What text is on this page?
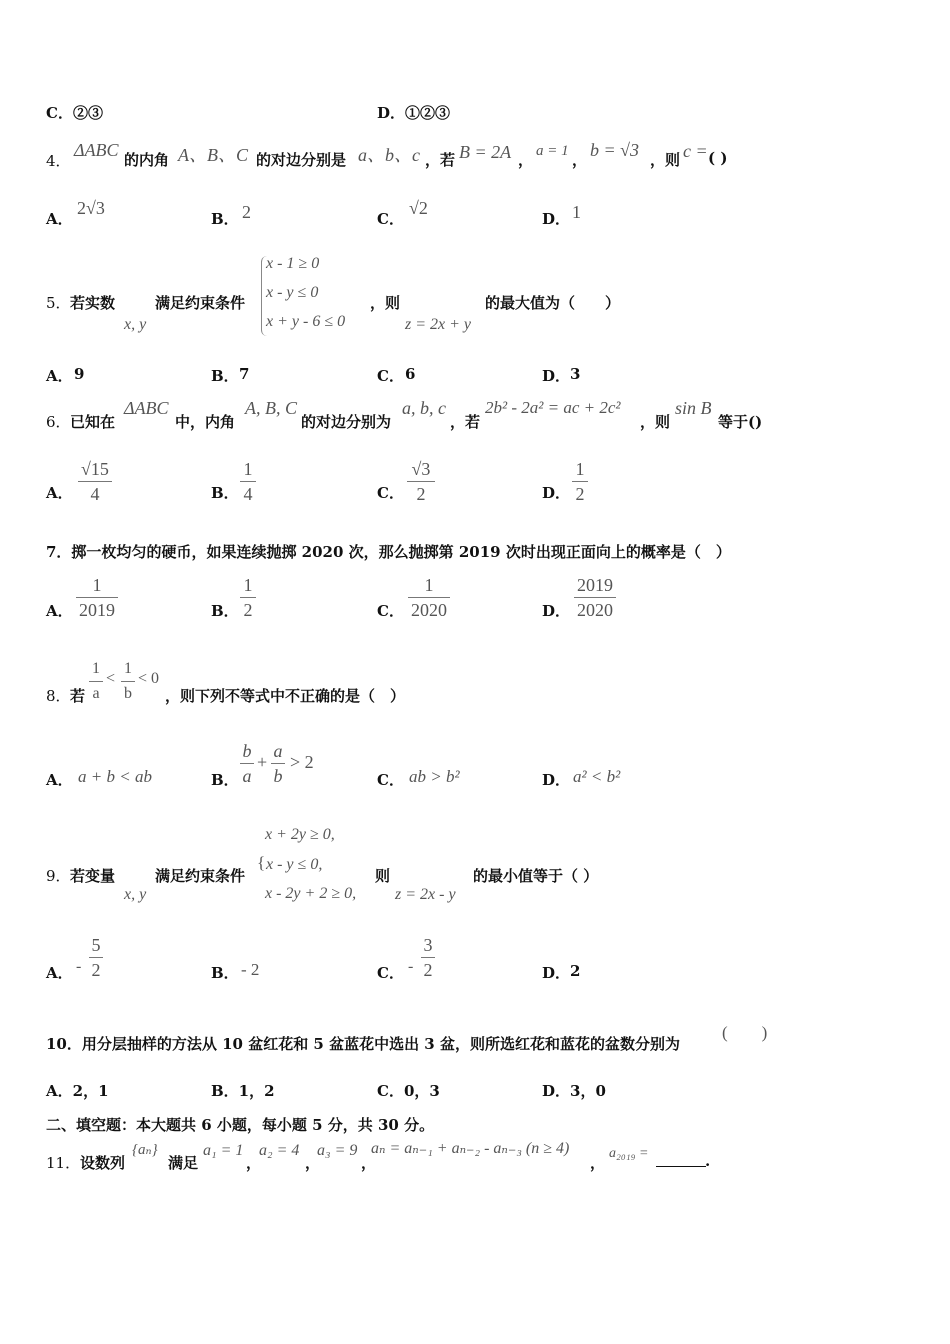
C．②③	D．①②③
4．
ΔABC 的内角 A、B、C 的对边分别是 a、b、c ，若 B = 2A ， a = 1 ， b = √3 ，则 c = ( )
A．
2√3
B． 2	C．
√2
D． 1
5． 若实数
x, y
满足约束条件
x - 1 ≥ 0
x - y ≤ 0
x + y - 6 ≤ 0
，则
z = 2x + y
的最大值为（　　）
A． 9	B． 7	C． 6	D． 3
6． 已知在
ΔABC
中，内角
A, B, C
的对边分别为
a, b, c
，若
2b² - 2a² = ac + 2c²
，则
sin B
等于()
A．
√15
4	B．
1
4	C．
√3
2	D．
1
2
7．掷一枚均匀的硬币，如果连续抛掷 2020 次，那么抛掷第 2019 次时出现正面向上的概率是（　）
A．
1
2019	B．
1
2	C．
1
2020	D．
2019
2020
8． 若
1
a
<
1
b
< 0
，则下列不等式中不正确的是（　）
A． a + b < ab	B．
b
a
+
a
b
> 2
C． ab > b²	D． a² < b²
9． 若变量
x, y
满足约束条件
x + 2y ≥ 0,
{ x - y ≤ 0,
x - 2y + 2 ≥ 0,
则
z = 2x - y
的最小值等于（ ）
A． -
5
2	B． - 2	C． -
3
2	D． 2
10．用分层抽样的方法从 10 盆红花和 5 盆蓝花中选出 3 盆，则所选红花和蓝花的盆数分别为
(　　)
A．2，1	B．1，2	C．0，3	D．3，0
二、填空题：本大题共 6 小题，每小题 5 分，共 30 分。
11． 设数列
{aₙ}
满足
a₁ = 1
，
a₂ = 4
，
a₃ = 9
，
aₙ = aₙ₋₁ + aₙ₋₂ - aₙ₋₃ (n ≥ 4)
，
a₂₀₁₉ =	.
